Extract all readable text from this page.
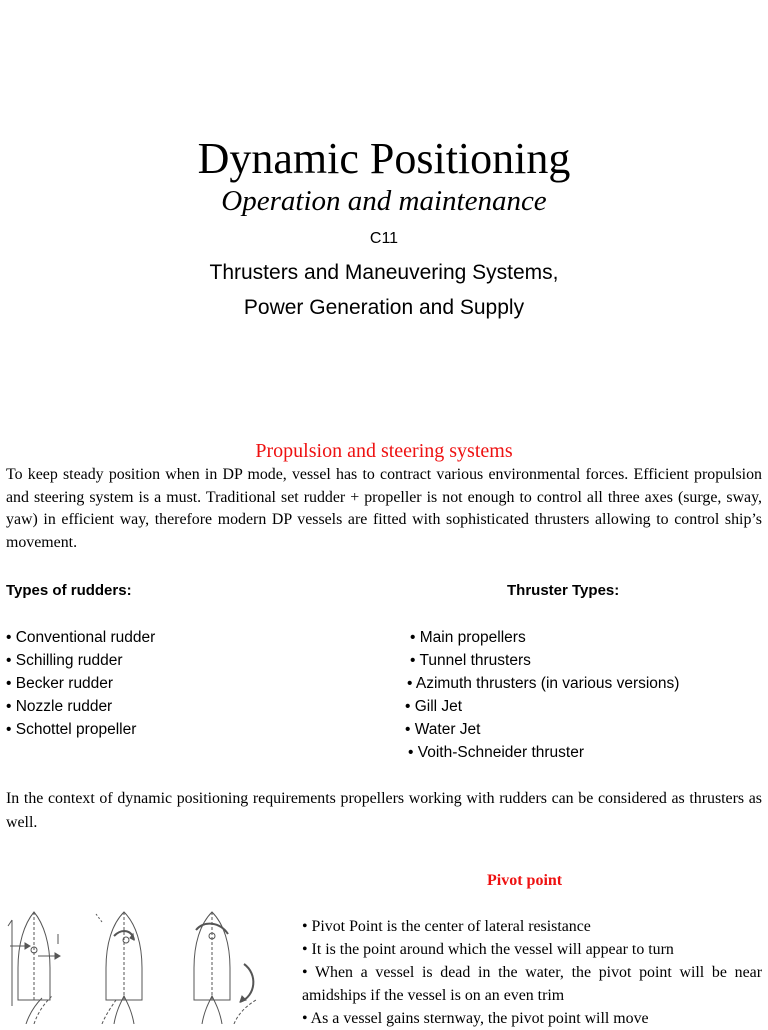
Dynamic Positioning
Operation and maintenance
C11
Thrusters and Maneuvering Systems,
Power Generation and Supply
Propulsion and steering systems

To keep steady position when in DP mode, vessel has to contract various environmental forces. Efficient propulsion and steering system is a must. Traditional set rudder + propeller is not enough to control all three axes (surge, sway, yaw) in efficient way, therefore modern DP vessels are fitted with sophisticated thrusters allowing to control ship’s movement.

Types of rudders:	Thruster Types:
• Conventional rudder
• Schilling rudder
• Becker rudder
• Nozzle rudder
• Schottel propeller
• Main propellers
• Tunnel thrusters
• Azimuth thrusters (in various versions)
• Gill Jet
• Water Jet
• Voith-Schneider thruster

In the context of dynamic positioning requirements propellers working with rudders can be considered as thrusters as well.

Pivot point
• Pivot Point is the center of lateral resistance
• It is the point around which the vessel will appear to turn
• When a vessel is dead in the water, the pivot point will be near amidships if the vessel is on an even trim
• As a vessel gains sternway, the pivot point will move
